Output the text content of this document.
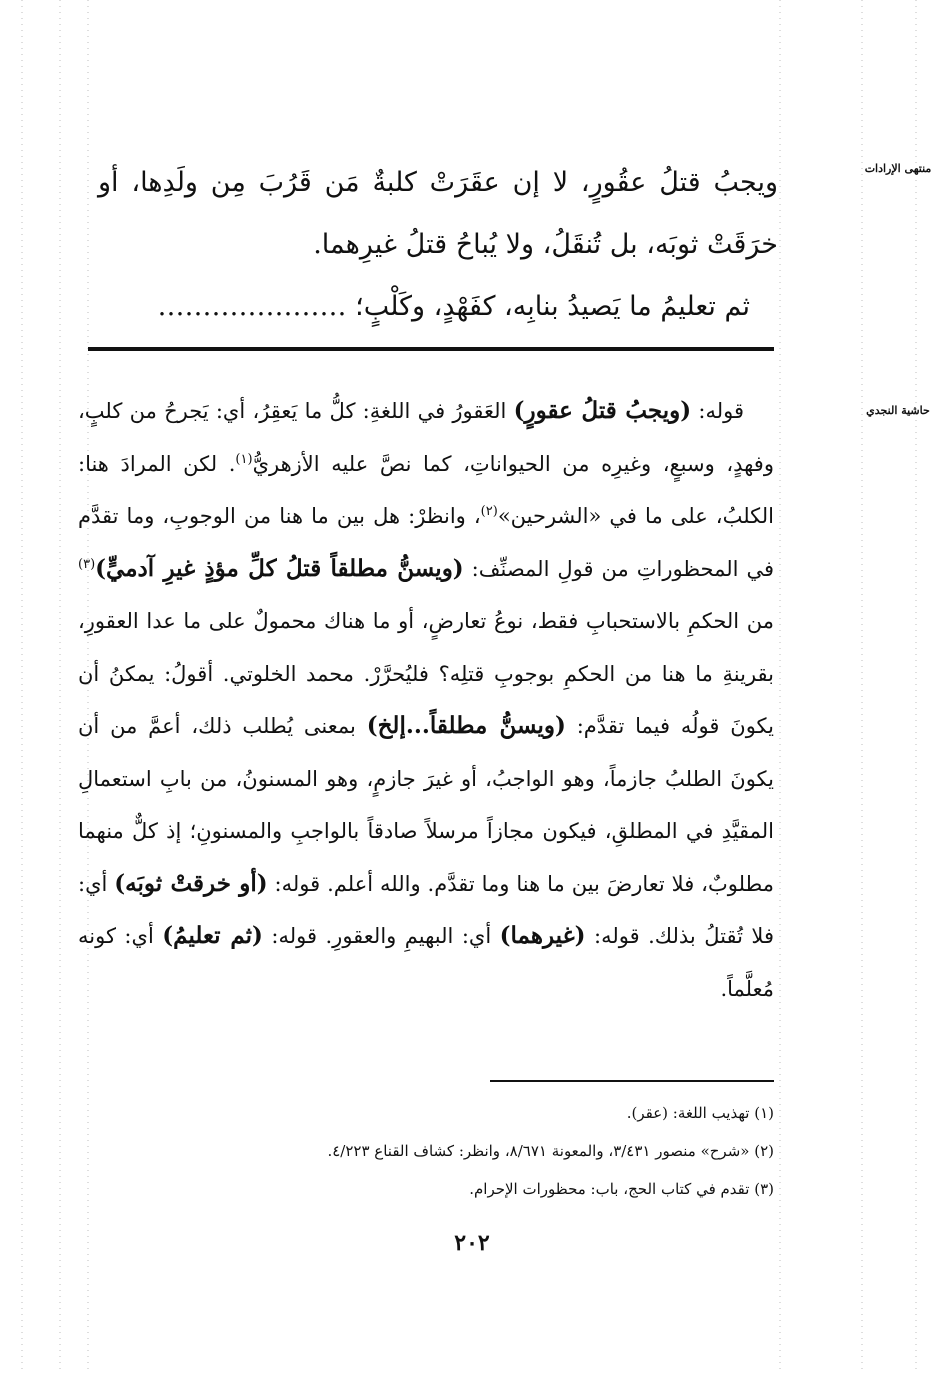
منتهى الإرادات
حاشية النجدي

ويجبُ قتلُ عقُورٍ، لا إن عقَرَتْ كلبةٌ مَن قَرُبَ مِن ولَدِها، أو خرَقَتْ ثوبَه، بل تُنقَلُ، ولا يُباحُ قتلُ غيرِهما.

ثم تعليمُ ما يَصيدُ بنابِه، كفَهْدٍ، وكَلْبٍ؛ …………………

قوله: (ويجبُ قتلُ عقورٍ) العَقورُ في اللغةِ: كلُّ ما يَعقِرُ، أي: يَجرحُ من كلبٍ، وفهدٍ، وسبعٍ، وغيرِه من الحيواناتِ، كما نصَّ عليه الأزهريُّ$^{(١)}$. لكن المرادَ هنا: الكلبُ، على ما في «الشرحين»$^{(٢)}$، وانظرْ: هل بين ما هنا من الوجوبِ، وما تقدَّم في المحظوراتِ من قولِ المصنِّف: (ويسنُّ مطلقاً قتلُ كلِّ مؤذٍ غيرِ آدميٍّ)$^{(٣)}$ من الحكمِ بالاستحبابِ فقط، نوعُ تعارضٍ، أو ما هناك محمولٌ على ما عدا العقورِ، بقرينةِ ما هنا من الحكمِ بوجوبِ قتلِه؟ فليُحرَّرْ. محمد الخلوتي. أقولُ: يمكنُ أن يكونَ قولُه فيما تقدَّم: (ويسنُّ مطلقاً...إلخ) بمعنى يُطلب ذلك، أعمَّ من أن يكونَ الطلبُ جازماً، وهو الواجبُ، أو غيرَ جازمٍ، وهو المسنونُ، من بابِ استعمالِ المقيَّدِ في المطلقِ، فيكون مجازاً مرسلاً صادقاً بالواجبِ والمسنونِ؛ إذ كلٌّ منهما مطلوبٌ، فلا تعارضَ بين ما هنا وما تقدَّم. والله أعلم. قوله: (أو خرقتْ ثوبَه) أي: فلا تُقتلُ بذلك. قوله: (غيرهما) أي: البهيمِ والعقورِ. قوله: (ثم تعليمُ) أي: كونه مُعلَّماً.

(١) تهذيب اللغة: (عقر).
(٢) «شرح» منصور ٣/٤٣١، والمعونة ٨/٦٧١، وانظر: كشاف القناع ٤/٢٢٣.
(٣) تقدم في كتاب الحج، باب: محظورات الإحرام.
٢٠٢
